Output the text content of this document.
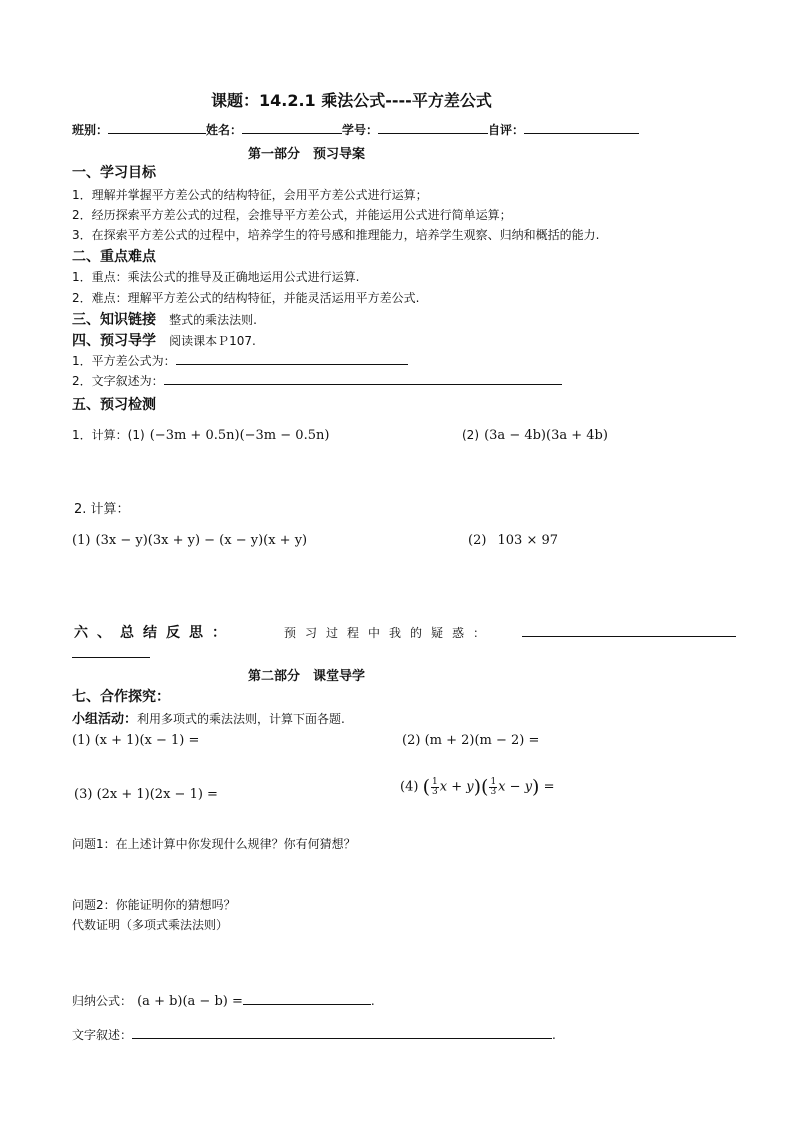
课题：14.2.1 乘法公式----平方差公式
班别：	姓名：	学号：	自评：
第一部分　预习导案
一、学习目标
1．理解并掌握平方差公式的结构特征，会用平方差公式进行运算；
2．经历探索平方差公式的过程，会推导平方差公式，并能运用公式进行简单运算；
3．在探索平方差公式的过程中，培养学生的符号感和推理能力，培养学生观察、归纳和概括的能力.
二、重点难点
1．重点：乘法公式的推导及正确地运用公式进行运算.
2．难点：理解平方差公式的结构特征，并能灵活运用平方差公式.
三、知识链接 整式的乘法法则.
四、预习导学 阅读课本Ｐ107.
1．平方差公式为：
2．文字叙述为：
五、预习检测
1．计算：(1) (−3m + 0.5n)(−3m − 0.5n)	(2) (3a − 4b)(3a + 4b)
2. 计算：
(1) (3x − y)(3x + y) − (x − y)(x + y)	(2) 103 × 97
六、总结反思：	预习过程中我的疑惑：
第二部分　课堂导学
七、合作探究：
小组活动：利用多项式的乘法法则，计算下面各题.
(1) (x + 1)(x − 1) =	(2) (m + 2)(m − 2) =
(3) (2x + 1)(2x − 1) =	(4) ( $\frac{1}{3}$ $x + y)( \frac{1}{3}$ x − y) =
问题1：在上述计算中你发现什么规律？你有何猜想？
问题2：你能证明你的猜想吗？
代数证明（多项式乘法法则）
归纳公式： (a + b)(a − b) =	.
文字叙述：	.
